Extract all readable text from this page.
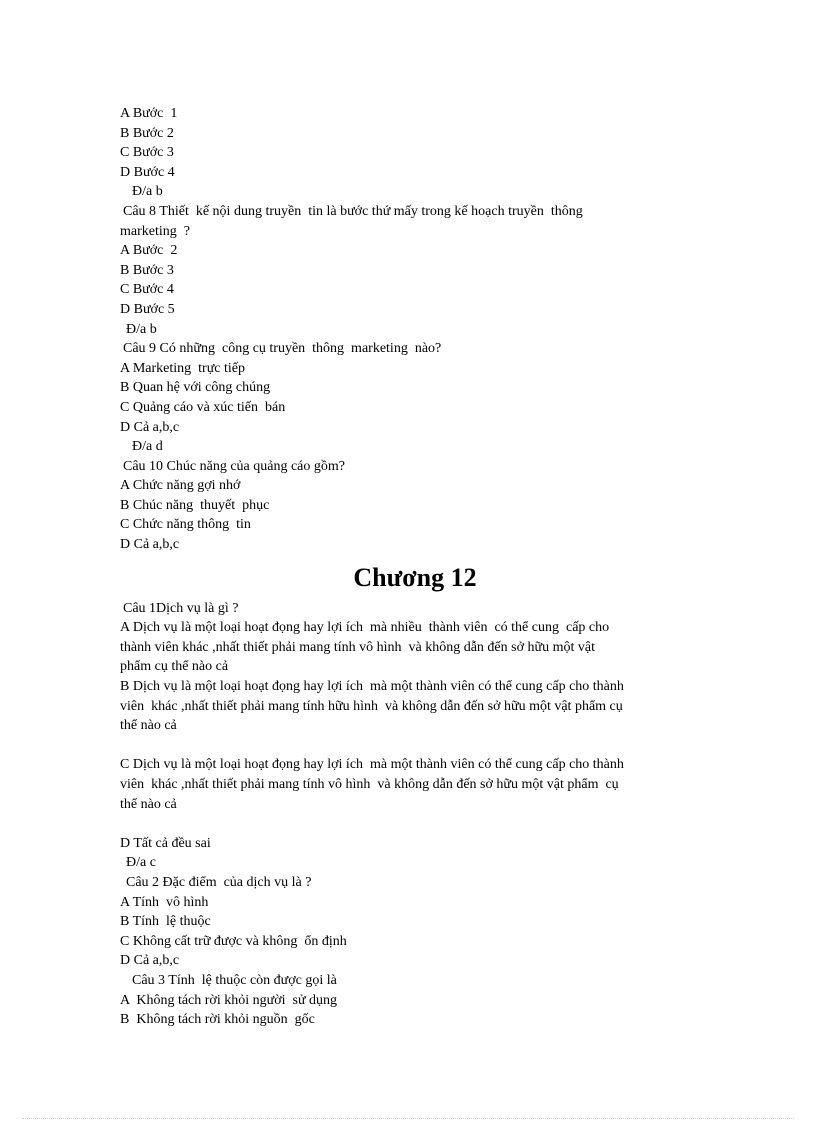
A Bước  1

B Bước 2

C Bước 3

D Bước 4

Đ/a b

Câu 8 Thiết  kế nội dung truyền  tin là bước thứ mấy trong kế hoạch truyền  thông

marketing  ?

A Bước  2

B Bước 3

C Bước 4

D Bước 5

Đ/a b

Câu 9 Có những  công cụ truyền  thông  marketing  nào?

A Marketing  trực tiếp

B Quan hệ với công chúng

C Quảng cáo và xúc tiến  bán

D Cả a,b,c

Đ/a d

Câu 10 Chúc năng của quảng cáo gồm?

A Chức năng gợi nhớ

B Chúc năng  thuyết  phục

C Chức năng thông  tin

D Cả a,b,c

Chương 12

Câu 1Dịch vụ là gì ?

A Dịch vụ là một loại hoạt đọng hay lợi ích  mà nhiều  thành viên  có thể cung  cấp cho

thành viên khác ,nhất thiết phải mang tính vô hình  và không dẫn đến sở hữu một vật

phẩm cụ thể nào cả

B Dịch vụ là một loại hoạt đọng hay lợi ích  mà một thành viên có thể cung cấp cho thành

viên  khác ,nhất thiết phải mang tính hữu hình  và không dẫn đến sở hữu một vật phẩm cụ

thể nào cả

C Dịch vụ là một loại hoạt đọng hay lợi ích  mà một thành viên có thể cung cấp cho thành

viên  khác ,nhất thiết phải mang tính vô hình  và không dẫn đến sở hữu một vật phẩm  cụ

thể nào cả

D Tất cả đều sai

Đ/a c

Câu 2 Đặc điểm  của dịch vụ là ?

A Tính  vô hình

B Tính  lệ thuộc

C Không cất trữ được và không  ổn định

D Cả a,b,c

Câu 3 Tính  lệ thuộc còn được gọi là

A  Không tách rời khỏi người  sử dụng

B  Không tách rời khỏi nguồn  gốc
